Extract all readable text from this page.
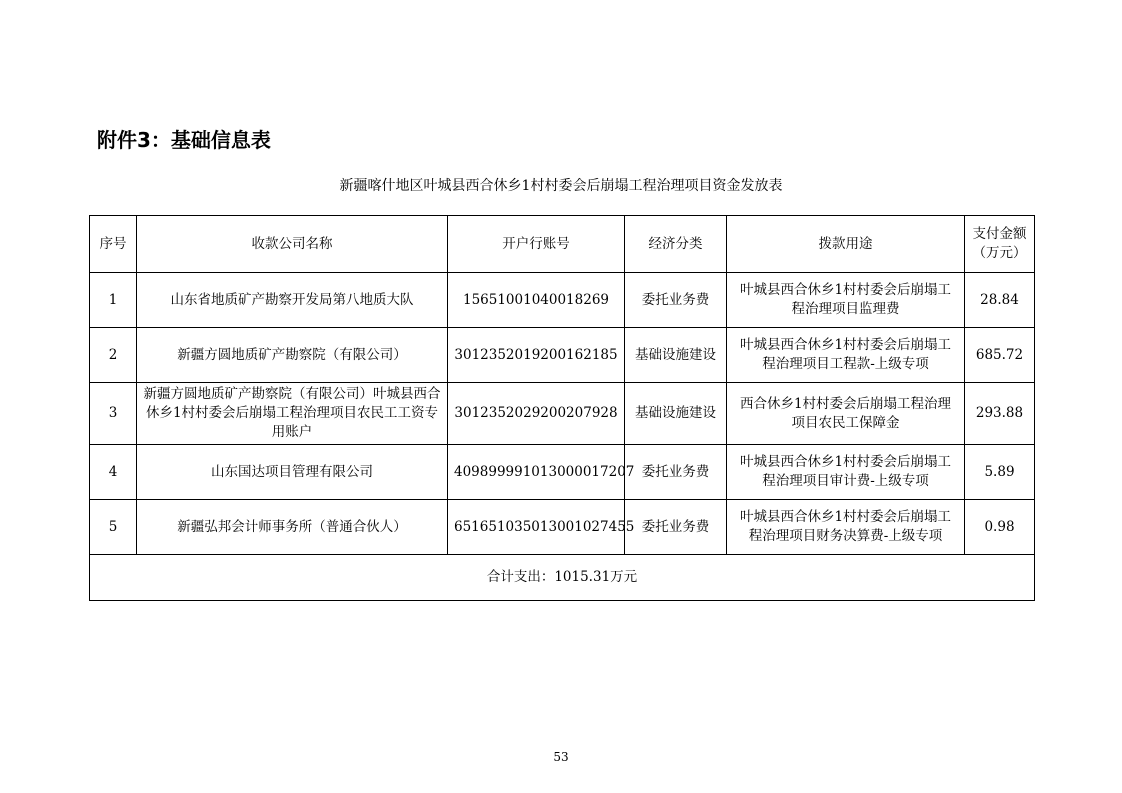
附件3：基础信息表
新疆喀什地区叶城县西合休乡1村村委会后崩塌工程治理项目资金发放表
序号	收款公司名称	开户行账号	经济分类	拨款用途	支付金额（万元）
1	山东省地质矿产勘察开发局第八地质大队	15651001040018269	委托业务费	叶城县西合休乡1村村委会后崩塌工程治理项目监理费	28.84
2	新疆方圆地质矿产勘察院（有限公司）	3012352019200162185	基础设施建设	叶城县西合休乡1村村委会后崩塌工程治理项目工程款-上级专项	685.72
3	新疆方圆地质矿产勘察院（有限公司）叶城县西合休乡1村村委会后崩塌工程治理项目农民工工资专用账户	3012352029200207928	基础设施建设	西合休乡1村村委会后崩塌工程治理项目农民工保障金	293.88
4	山东国达项目管理有限公司	409899991013000017207	委托业务费	叶城县西合休乡1村村委会后崩塌工程治理项目审计费-上级专项	5.89
5	新疆弘邦会计师事务所（普通合伙人）	651651035013001027455	委托业务费	叶城县西合休乡1村村委会后崩塌工程治理项目财务决算费-上级专项	0.98
合计支出：1015.31万元					
53
